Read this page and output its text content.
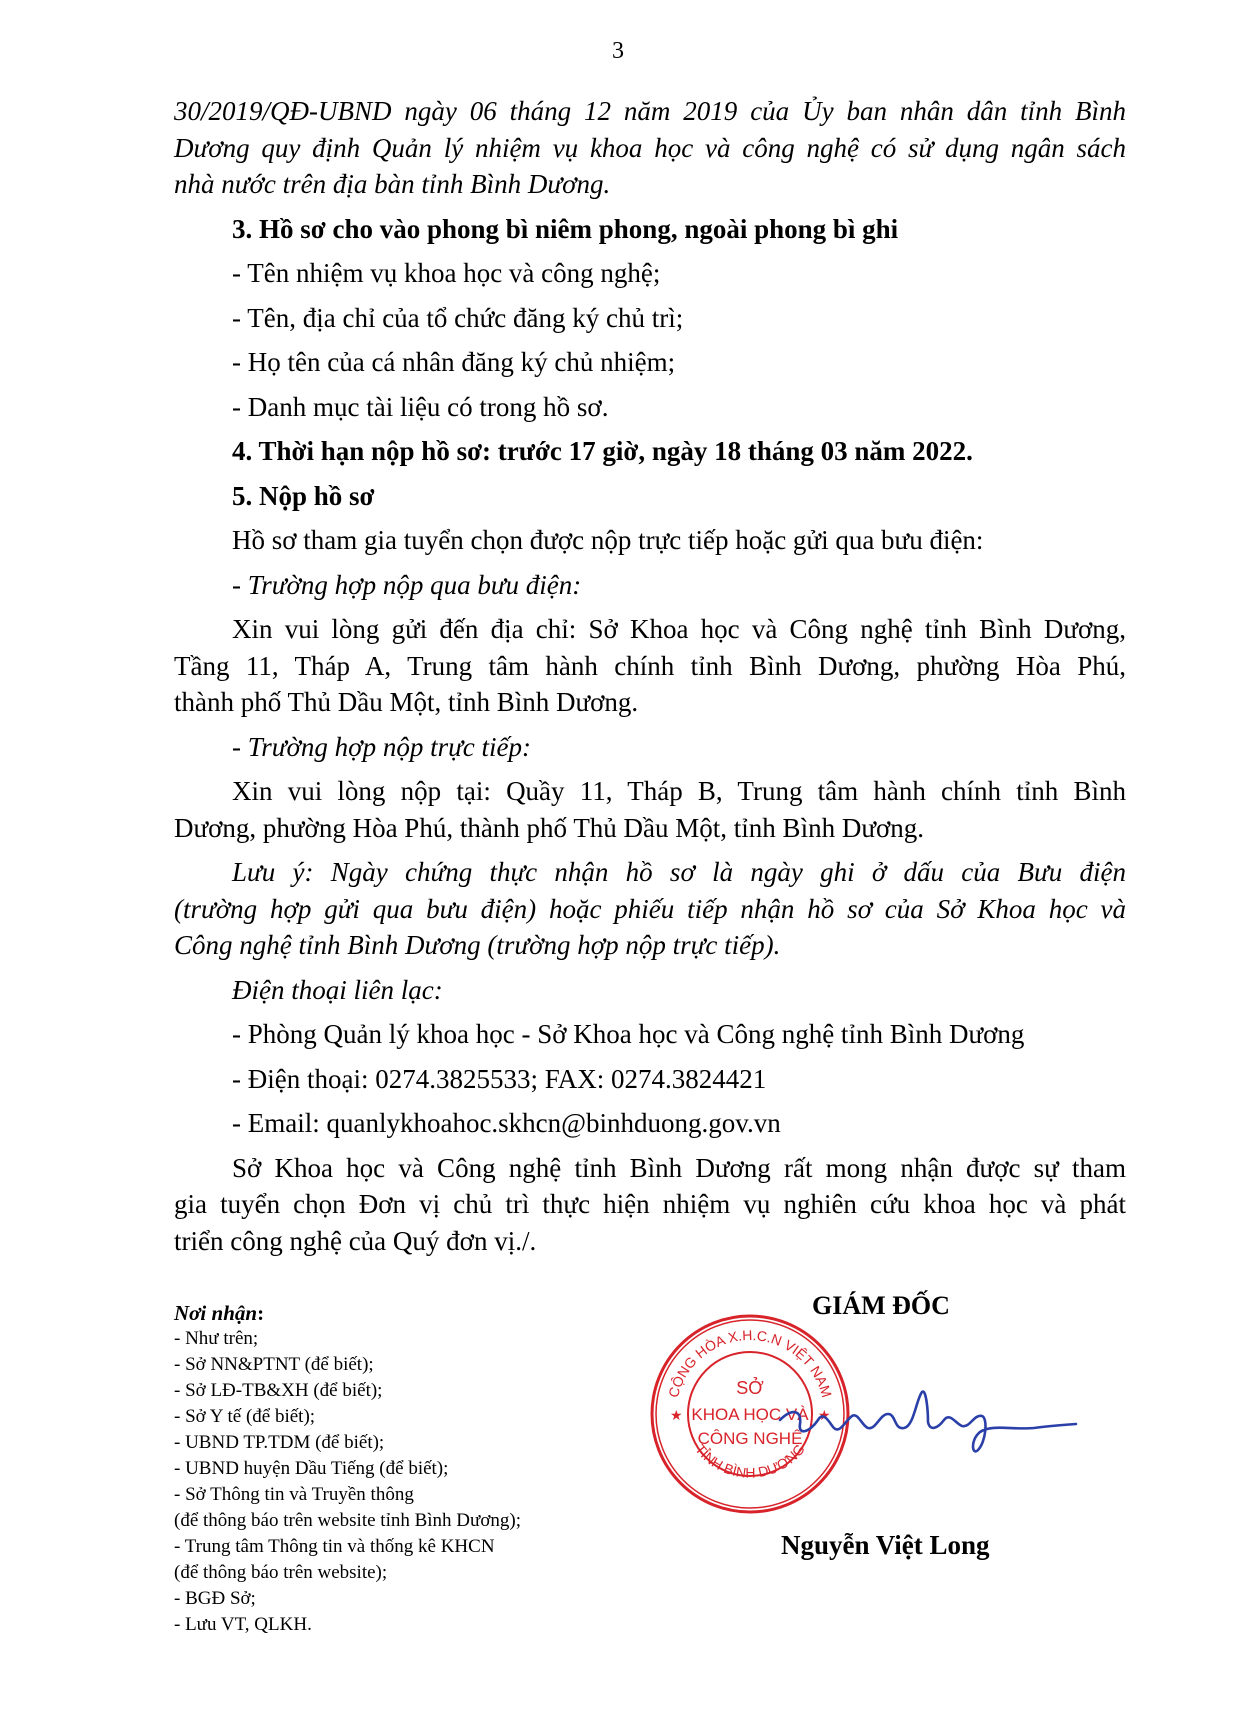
3
30/2019/QĐ-UBND ngày 06 tháng 12 năm 2019 của Ủy ban nhân dân tỉnh Bình
Dương quy định Quản lý nhiệm vụ khoa học và công nghệ có sử dụng ngân sách
nhà nước trên địa bàn tỉnh Bình Dương.
3. Hồ sơ cho vào phong bì niêm phong, ngoài phong bì ghi
- Tên nhiệm vụ khoa học và công nghệ;
- Tên, địa chỉ của tổ chức đăng ký chủ trì;
- Họ tên của cá nhân đăng ký chủ nhiệm;
- Danh mục tài liệu có trong hồ sơ.
4. Thời hạn nộp hồ sơ: trước 17 giờ, ngày 18 tháng 03 năm 2022.
5. Nộp hồ sơ
Hồ sơ tham gia tuyển chọn được nộp trực tiếp hoặc gửi qua bưu điện:
- Trường hợp nộp qua bưu điện:
Xin vui lòng gửi đến địa chỉ: Sở Khoa học và Công nghệ tỉnh Bình Dương,
Tầng 11, Tháp A, Trung tâm hành chính tỉnh Bình Dương, phường Hòa Phú,
thành phố Thủ Dầu Một, tỉnh Bình Dương.
- Trường hợp nộp trực tiếp:
Xin vui lòng nộp tại: Quầy 11, Tháp B, Trung tâm hành chính tỉnh Bình
Dương, phường Hòa Phú, thành phố Thủ Dầu Một, tỉnh Bình Dương.
Lưu ý: Ngày chứng thực nhận hồ sơ là ngày ghi ở dấu của Bưu điện
(trường hợp gửi qua bưu điện) hoặc phiếu tiếp nhận hồ sơ của Sở Khoa học và
Công nghệ tỉnh Bình Dương (trường hợp nộp trực tiếp).
Điện thoại liên lạc:
- Phòng Quản lý khoa học - Sở Khoa học và Công nghệ tỉnh Bình Dương
- Điện thoại: 0274.3825533; FAX: 0274.3824421
- Email: quanlykhoahoc.skhcn@binhduong.gov.vn
Sở Khoa học và Công nghệ tỉnh Bình Dương rất mong nhận được sự tham
gia tuyển chọn Đơn vị chủ trì thực hiện nhiệm vụ nghiên cứu khoa học và phát
triển công nghệ của Quý đơn vị./.
Nơi nhận:
- Như trên;
- Sở NN&PTNT (để biết);
- Sở LĐ-TB&XH (để biết);
- Sở Y tế (để biết);
- UBND TP.TDM (để biết);
- UBND huyện Dầu Tiếng (để biết);
- Sở Thông tin và Truyền thông
(để thông báo trên website tỉnh Bình Dương);
- Trung tâm Thông tin và thống kê KHCN
(để thông báo trên website);
- BGĐ Sở;
- Lưu VT, QLKH.
GIÁM ĐỐC
CỘNG HÒA X.H.C.N VIỆT NAM
TỈNH BÌNH DƯƠNG
★	★
SỞ
KHOA HỌC VÀ
CÔNG NGHỆ
Nguyễn Việt Long
